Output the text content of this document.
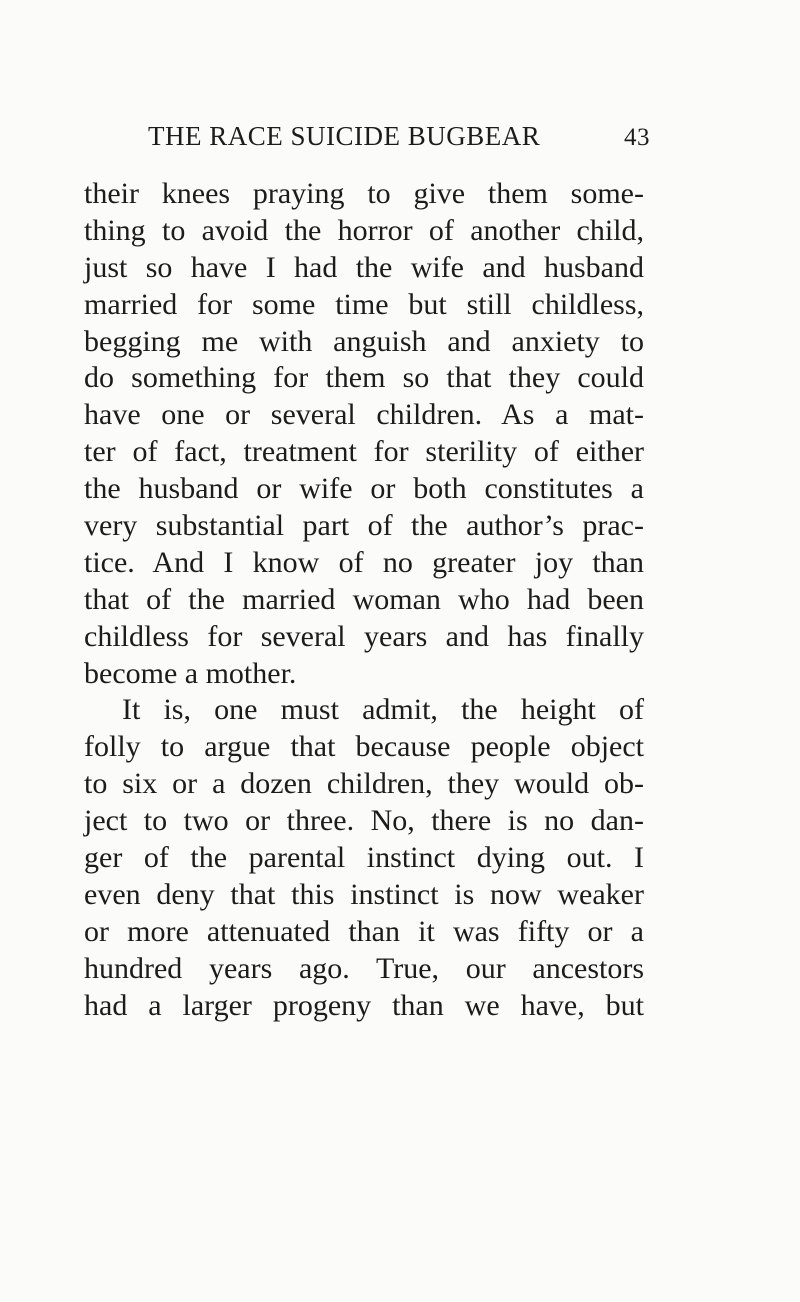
THE RACE SUICIDE BUGBEAR	43
their knees praying to give them some-
thing to avoid the horror of another child,
just so have I had the wife and husband
married for some time but still childless,
begging me with anguish and anxiety to
do something for them so that they could
have one or several children. As a mat-
ter of fact, treatment for sterility of either
the husband or wife or both constitutes a
very substantial part of the author’s prac-
tice. And I know of no greater joy than
that of the married woman who had been
childless for several years and has finally
become a mother.
It is, one must admit, the height of
folly to argue that because people object
to six or a dozen children, they would ob-
ject to two or three. No, there is no dan-
ger of the parental instinct dying out. I
even deny that this instinct is now weaker
or more attenuated than it was fifty or a
hundred years ago. True, our ancestors
had a larger progeny than we have, but
